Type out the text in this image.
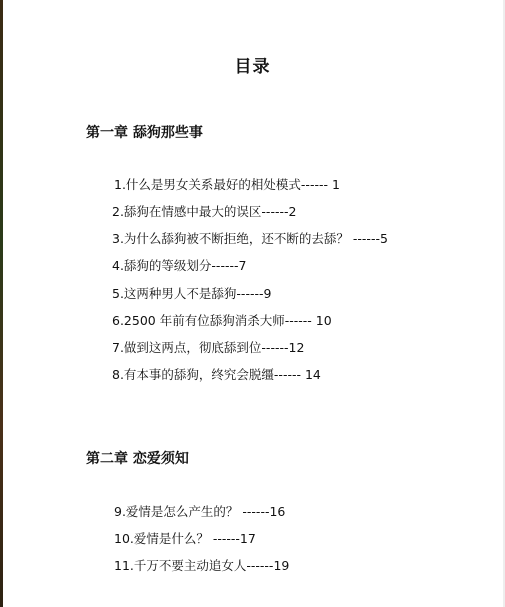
目录
第一章 舔狗那些事
1.什么是男女关系最好的相处模式------ 1
2.舔狗在情感中最大的误区------2
3.为什么舔狗被不断拒绝，还不断的去舔？ ------5
4.舔狗的等级划分------7
5.这两种男人不是舔狗------9
6.2500 年前有位舔狗消杀大师------ 10
7.做到这两点，彻底舔到位------12
8.有本事的舔狗，终究会脱缰------ 14
第二章 恋爱须知
9.爱情是怎么产生的？ ------16
10.爱情是什么？ ------17
11.千万不要主动追女人------19
